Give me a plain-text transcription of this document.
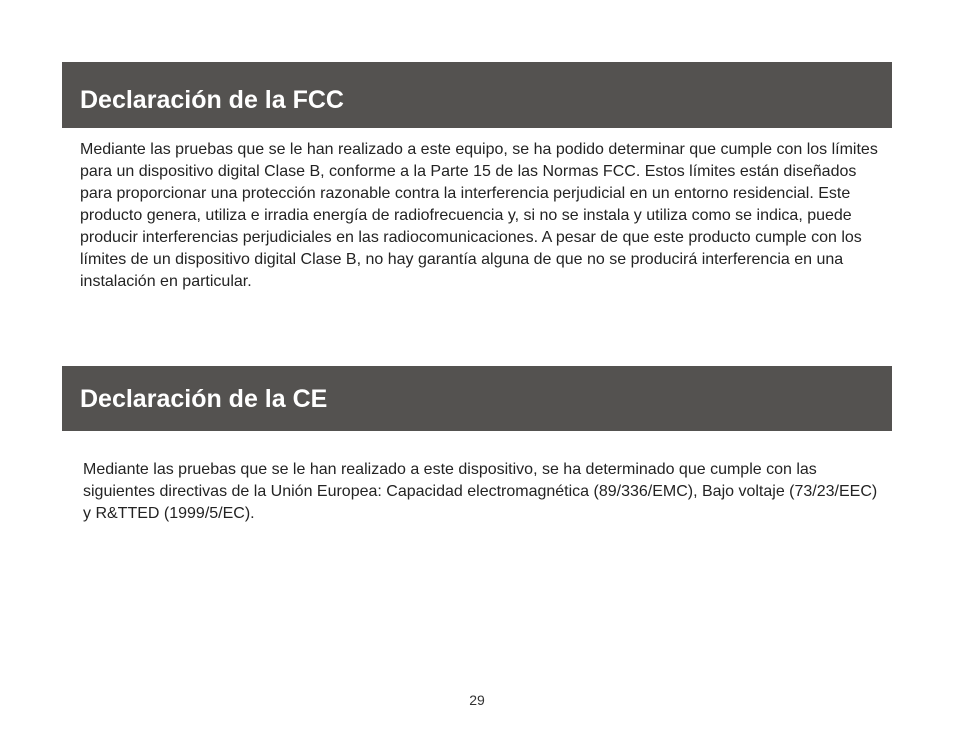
Declaración de la FCC

Mediante las pruebas que se le han realizado a este equipo, se ha podido determinar que cumple con los límites para un dispositivo digital Clase B, conforme a la Parte 15 de las Normas FCC. Estos límites están diseñados para proporcionar una protección razonable contra la interferencia perjudicial en un entorno residencial. Este producto genera, utiliza e irradia energía de radiofrecuencia y, si no se instala y utiliza como se indica, puede producir interferencias perjudiciales en las radiocomunicaciones. A pesar de que este producto cumple con los límites de un dispositivo digital Clase B, no hay garantía alguna de que no se producirá interferencia en una instalación en particular.

Declaración de la CE

Mediante las pruebas que se le han realizado a este dispositivo, se ha determinado que cumple con las siguientes directivas de la Unión Europea: Capacidad electromagnética (89/336/EMC), Bajo voltaje (73/23/EEC) y R&TTED (1999/5/EC).

29
